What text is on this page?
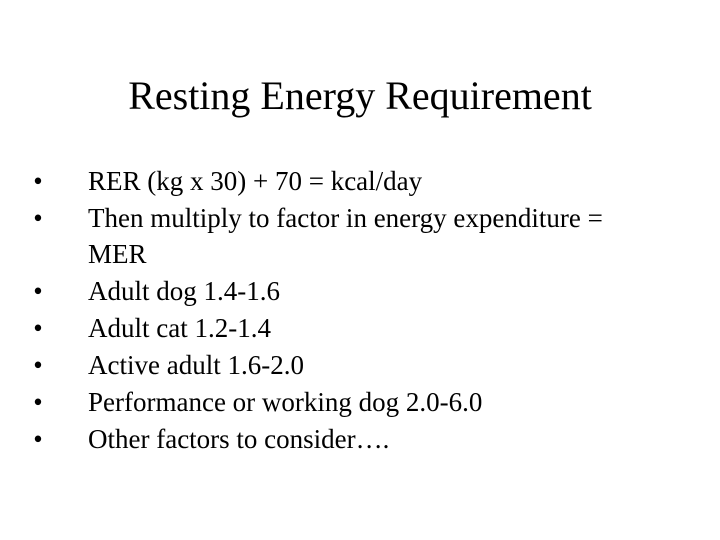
Resting Energy Requirement
• RER (kg x 30) + 70 = kcal/day
• Then multiply to factor in energy expenditure = MER
• Adult dog 1.4-1.6
• Adult cat 1.2-1.4
• Active adult 1.6-2.0
• Performance or working dog 2.0-6.0
• Other factors to consider….
